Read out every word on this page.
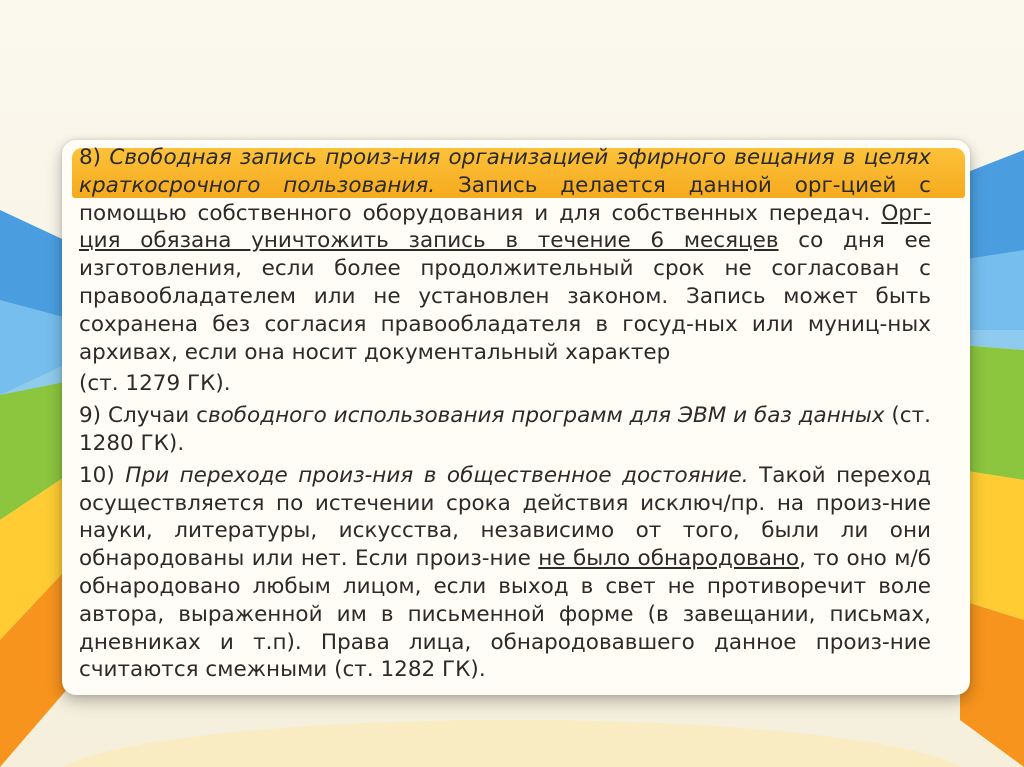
8) Свободная запись произ-ния организацией эфирного вещания в целях краткосрочного пользования. Запись делается данной орг-цией с помощью собственного оборудования и для собственных передач. Орг-ция обязана уничтожить запись в течение 6 месяцев со дня ее изготовления, если более продолжительный срок не согласован с правообладателем или не установлен законом. Запись может быть сохранена без согласия правообладателя в госуд-ных или муниц-ных архивах, если она носит документальный характер

(ст. 1279 ГК).

9) Случаи свободного использования программ для ЭВМ и баз данных (ст. 1280 ГК).

10) При переходе произ-ния в общественное достояние. Такой переход осуществляется по истечении срока действия исключ/пр. на произ-ние науки, литературы, искусства, независимо от того, были ли они обнародованы или нет. Если произ-ние не было обнародовано, то оно м/б обнародовано любым лицом, если выход в свет не противоречит воле автора, выраженной им в письменной форме (в завещании, письмах, дневниках и т.п). Права лица, обнародовавшего данное произ-ние считаются смежными (ст. 1282 ГК).
